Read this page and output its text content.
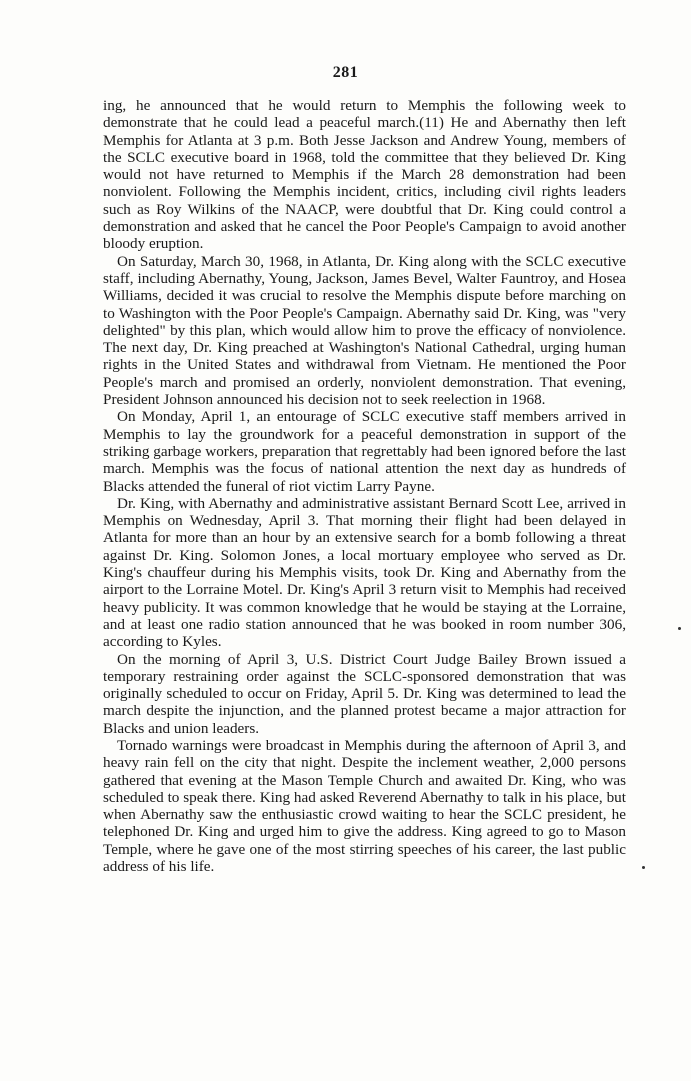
281

ing, he announced that he would return to Memphis the following week to demonstrate that he could lead a peaceful march.(11) He and Abernathy then left Memphis for Atlanta at 3 p.m. Both Jesse Jackson and Andrew Young, members of the SCLC executive board in 1968, told the committee that they believed Dr. King would not have returned to Memphis if the March 28 demonstration had been nonviolent. Following the Memphis incident, critics, including civil rights leaders such as Roy Wilkins of the NAACP, were doubtful that Dr. King could control a demonstration and asked that he cancel the Poor People's Campaign to avoid another bloody eruption.

On Saturday, March 30, 1968, in Atlanta, Dr. King along with the SCLC executive staff, including Abernathy, Young, Jackson, James Bevel, Walter Fauntroy, and Hosea Williams, decided it was crucial to resolve the Memphis dispute before marching on to Washington with the Poor People's Campaign. Abernathy said Dr. King, was "very delighted" by this plan, which would allow him to prove the efficacy of nonviolence. The next day, Dr. King preached at Washington's National Cathedral, urging human rights in the United States and withdrawal from Vietnam. He mentioned the Poor People's march and promised an orderly, nonviolent demonstration. That evening, President Johnson announced his decision not to seek reelection in 1968.

On Monday, April 1, an entourage of SCLC executive staff members arrived in Memphis to lay the groundwork for a peaceful demonstration in support of the striking garbage workers, preparation that regrettably had been ignored before the last march. Memphis was the focus of national attention the next day as hundreds of Blacks attended the funeral of riot victim Larry Payne.

Dr. King, with Abernathy and administrative assistant Bernard Scott Lee, arrived in Memphis on Wednesday, April 3. That morning their flight had been delayed in Atlanta for more than an hour by an extensive search for a bomb following a threat against Dr. King. Solomon Jones, a local mortuary employee who served as Dr. King's chauffeur during his Memphis visits, took Dr. King and Abernathy from the airport to the Lorraine Motel. Dr. King's April 3 return visit to Memphis had received heavy publicity. It was common knowledge that he would be staying at the Lorraine, and at least one radio station announced that he was booked in room number 306, according to Kyles.

On the morning of April 3, U.S. District Court Judge Bailey Brown issued a temporary restraining order against the SCLC-sponsored demonstration that was originally scheduled to occur on Friday, April 5. Dr. King was determined to lead the march despite the injunction, and the planned protest became a major attraction for Blacks and union leaders.

Tornado warnings were broadcast in Memphis during the afternoon of April 3, and heavy rain fell on the city that night. Despite the inclement weather, 2,000 persons gathered that evening at the Mason Temple Church and awaited Dr. King, who was scheduled to speak there. King had asked Reverend Abernathy to talk in his place, but when Abernathy saw the enthusiastic crowd waiting to hear the SCLC president, he telephoned Dr. King and urged him to give the address. King agreed to go to Mason Temple, where he gave one of the most stirring speeches of his career, the last public address of his life.
